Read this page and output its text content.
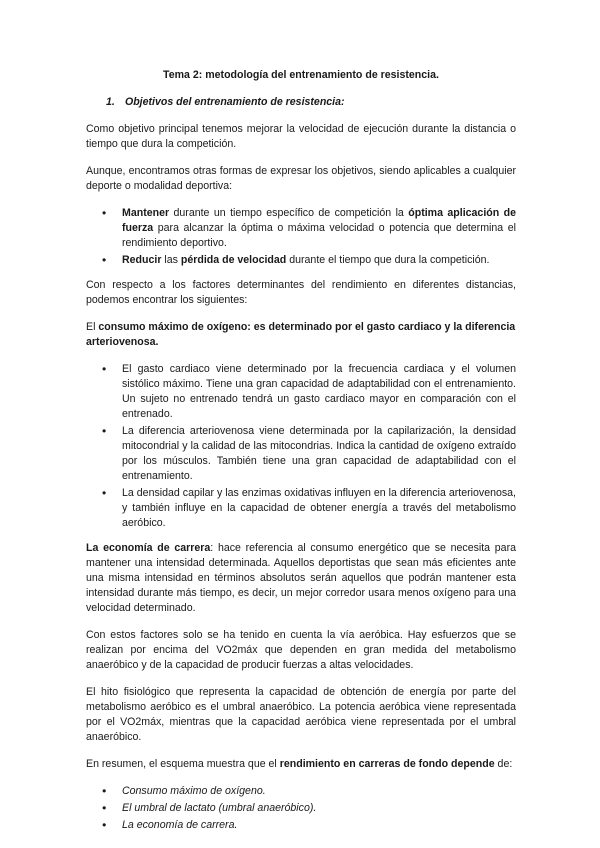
Tema 2: metodología del entrenamiento de resistencia.
1. Objetivos del entrenamiento de resistencia:

Como objetivo principal tenemos mejorar la velocidad de ejecución durante la distancia o tiempo que dura la competición.

Aunque, encontramos otras formas de expresar los objetivos, siendo aplicables a cualquier deporte o modalidad deportiva:

• Mantener durante un tiempo específico de competición la óptima aplicación de fuerza para alcanzar la óptima o máxima velocidad o potencia que determina el rendimiento deportivo.
• Reducir las pérdida de velocidad durante el tiempo que dura la competición.

Con respecto a los factores determinantes del rendimiento en diferentes distancias, podemos encontrar los siguientes:

El consumo máximo de oxígeno: es determinado por el gasto cardiaco y la diferencia arteriovenosa.

• El gasto cardiaco viene determinado por la frecuencia cardiaca y el volumen sistólico máximo. Tiene una gran capacidad de adaptabilidad con el entrenamiento. Un sujeto no entrenado tendrá un gasto cardiaco mayor en comparación con el entrenado.
• La diferencia arteriovenosa viene determinada por la capilarización, la densidad mitocondrial y la calidad de las mitocondrias. Indica la cantidad de oxígeno extraído por los músculos. También tiene una gran capacidad de adaptabilidad con el entrenamiento.
• La densidad capilar y las enzimas oxidativas influyen en la diferencia arteriovenosa, y también influye en la capacidad de obtener energía a través del metabolismo aeróbico.

La economía de carrera: hace referencia al consumo energético que se necesita para mantener una intensidad determinada. Aquellos deportistas que sean más eficientes ante una misma intensidad en términos absolutos serán aquellos que podrán mantener esta intensidad durante más tiempo, es decir, un mejor corredor usara menos oxígeno para una velocidad determinado.

Con estos factores solo se ha tenido en cuenta la vía aeróbica. Hay esfuerzos que se realizan por encima del VO2máx que dependen en gran medida del metabolismo anaeróbico y de la capacidad de producir fuerzas a altas velocidades.

El hito fisiológico que representa la capacidad de obtención de energía por parte del metabolismo aeróbico es el umbral anaeróbico. La potencia aeróbica viene representada por el VO2máx, mientras que la capacidad aeróbica viene representada por el umbral anaeróbico.

En resumen, el esquema muestra que el rendimiento en carreras de fondo depende de:

• Consumo máximo de oxígeno.
• El umbral de lactato (umbral anaeróbico).
• La economía de carrera.
